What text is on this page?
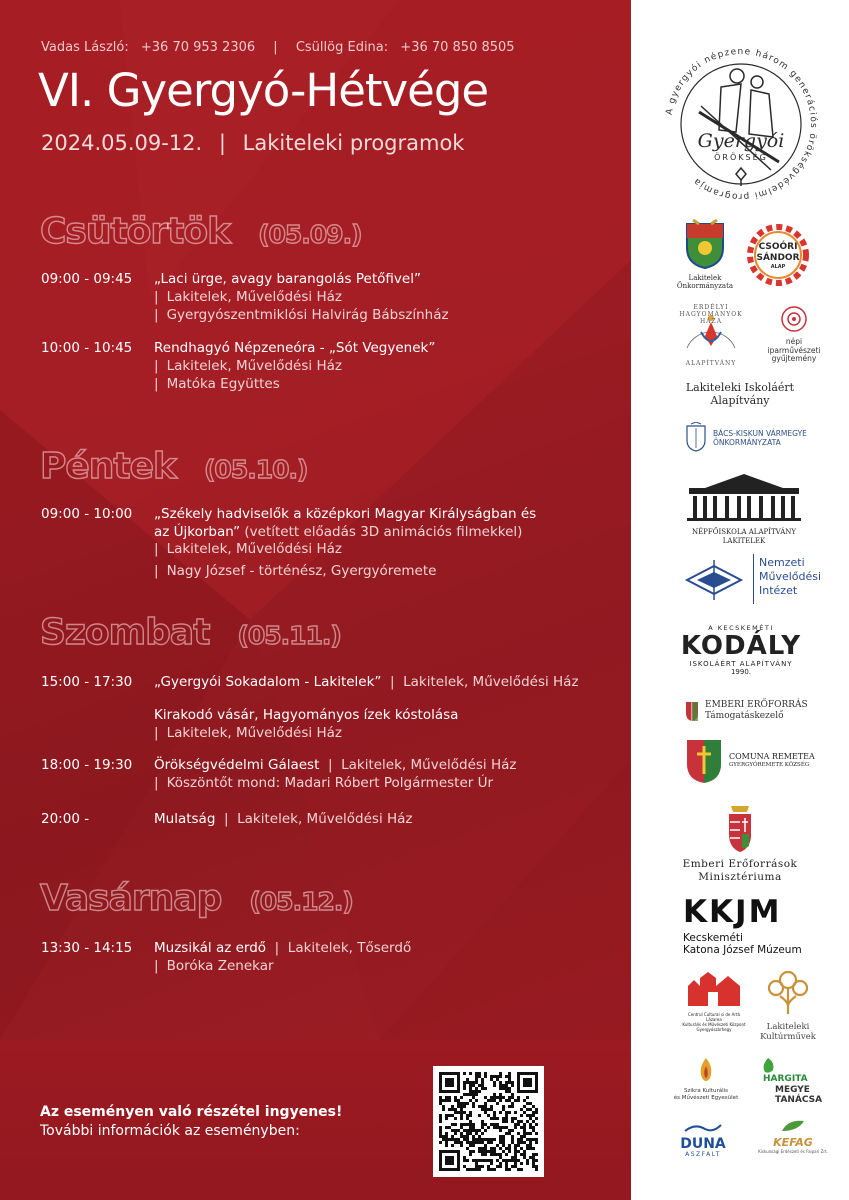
Vadas László: +36 70 953 2306 | Csüllög Edina: +36 70 850 8505
VI. Gyergyó-Hétvége
2024.05.09-12. | Lakiteleki programok
Csütörtök (05.09.)
09:00 - 09:45 „Laci ürge, avagy barangolás Petőfivel”
| Lakitelek, Művelődési Ház
| Gyergyószentmiklósi Halvirág Bábszínház
10:00 - 10:45 Rendhagyó Népzeneóra - „Sót Vegyenek”
| Lakitelek, Művelődési Ház
| Matóka Együttes
Péntek (05.10.)
09:00 - 10:00 „Székely hadviselők a középkori Magyar Királyságban és
az Újkorban” (vetített előadás 3D animációs filmekkel)
| Lakitelek, Művelődési Ház
| Nagy József - történész, Gyergyóremete
Szombat (05.11.)
15:00 - 17:30 „Gyergyói Sokadalom - Lakitelek”  |  Lakitelek, Művelődési Ház
Kirakodó vásár, Hagyományos ízek kóstolása
| Lakitelek, Művelődési Ház
18:00 - 19:30 Örökségvédelmi Gálaest  |  Lakitelek, Művelődési Ház
| Köszöntőt mond: Madari Róbert Polgármester Úr
20:00 -	Mulatság  |  Lakitelek, Művelődési Ház
Vasárnap (05.12.)
13:30 - 14:15 Muzsikál az erdő  |  Lakitelek, Tőserdő
| Boróka Zenekar
Az eseményen való részétel ingyenes!
További információk az eseményben:
A gyergyói népzene három generációs örökségvédelmi programja
Gyergyói
ÖRÖKSÉG
Lakitelek
Önkormányzata
CSOÓRI
SÁNDOR
ALAP
ERDÉLYI HAGYOMÁNYOK HÁZA
ALAPÍTVÁNY
népi
iparművészeti
gyűjtemény
Lakiteleki Iskoláért
Alapítvány
BÁCS-KISKUN VÁRMEGYE
ÖNKORMÁNYZATA
NÉPFŐISKOLA ALAPÍTVÁNY
LAKITELEK
Nemzeti
Művelődési
Intézet
A KECSKEMÉTI
KODÁLY
ISKOLÁÉRT ALAPÍTVÁNY
1990.
EMBERI ERŐFORRÁS
Támogatáskezelő
COMUNA REMETEA
GYERGYÓREMETE KÖZSÉG
Emberi Erőforrások
Minisztériuma
KKJM
Kecskeméti
Katona József Múzeum
Centrul Cultural și de Artă
Lăzarea
Kulturális és Művészeti Központ
Gyergyószárhegy	Lakiteleki
Kultúrművek
Szikra Kulturális
és Művészeti Egyesület
HARGITA
MEGYE
TANÁCSA
DUNA
ASZFALT
KEFAG
Kiskunsági Erdészeti és Faipari Zrt.
